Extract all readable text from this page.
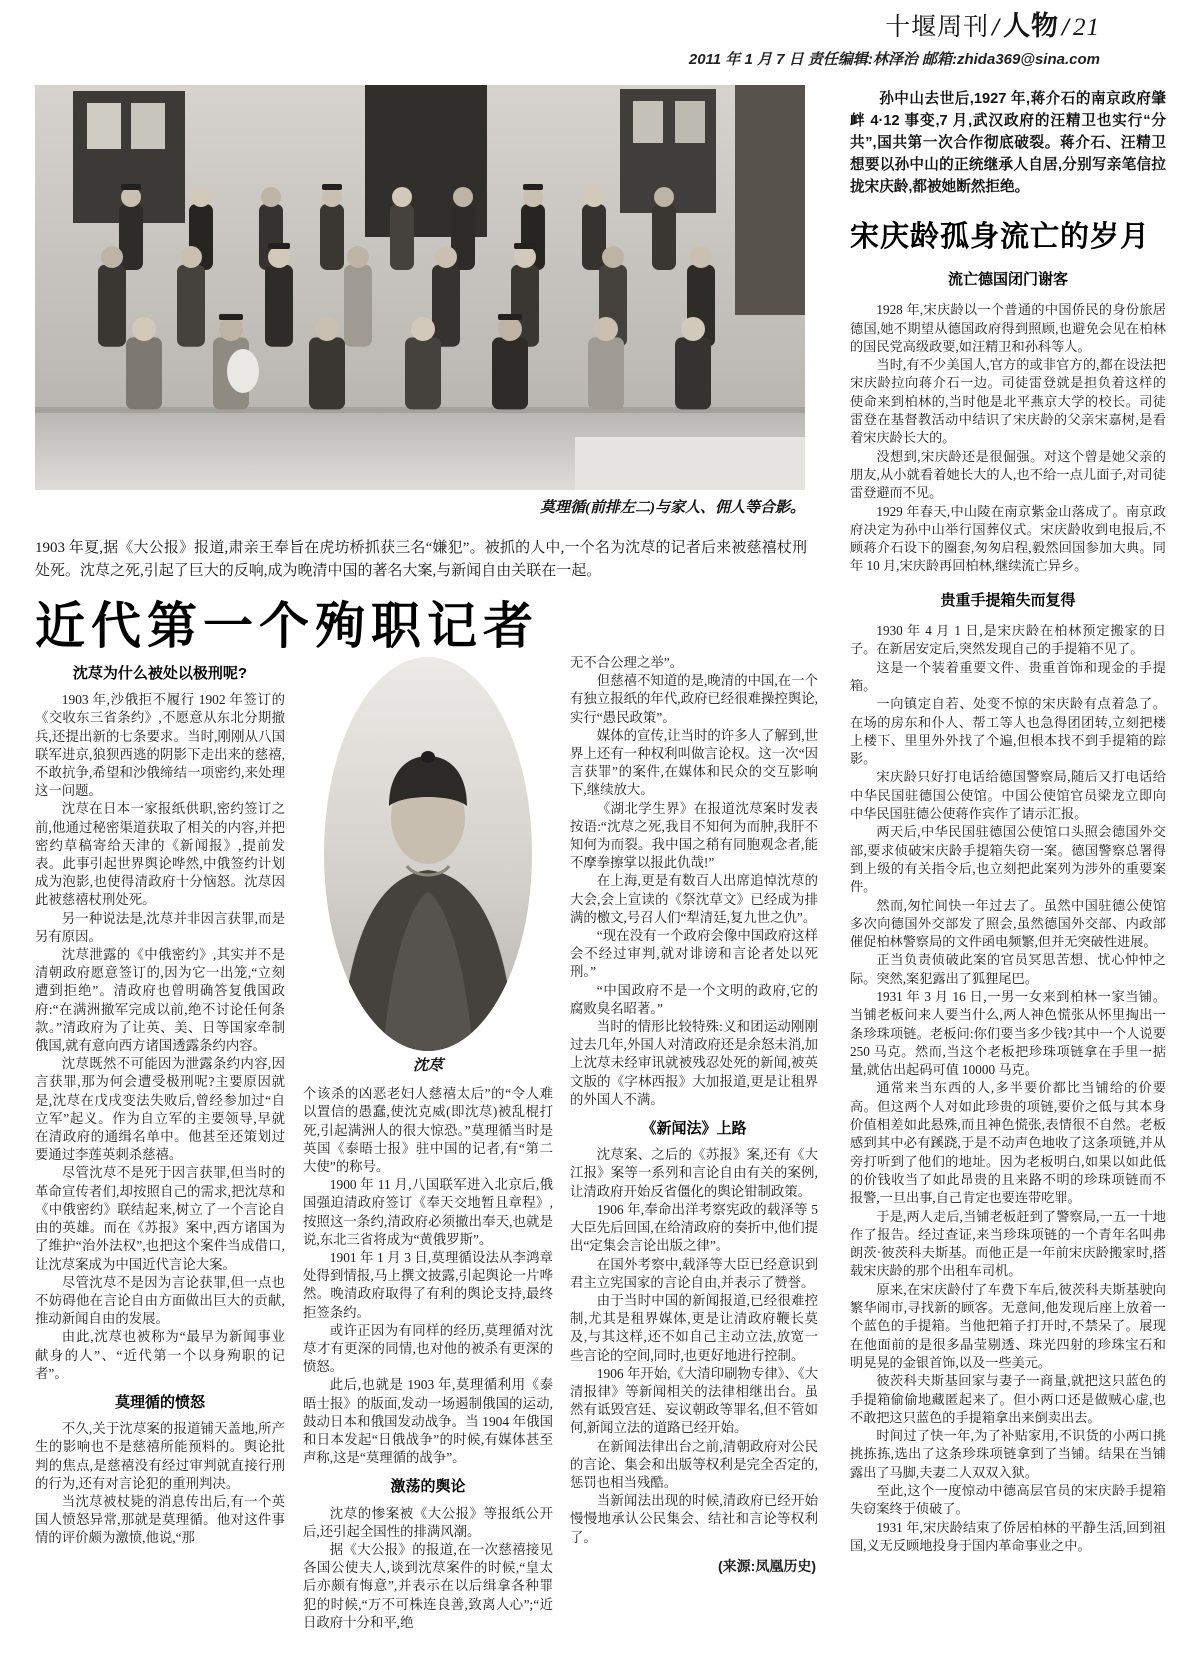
十堰周刊 / 人物 / 21
2011 年 1 月 7 日 责任编辑:林泽治 邮箱:zhida369@sina.com
莫理循(前排左二)与家人、佣人等合影。

1903 年夏,据《大公报》报道,肃亲王奉旨在虎坊桥抓获三名“嫌犯”。被抓的人中,一个名为沈荩的记者后来被慈禧杖刑处死。沈荩之死,引起了巨大的反响,成为晚清中国的著名大案,与新闻自由关联在一起。

近代第一个殉职记者
沈荩为什么被处以极刑呢?

1903 年,沙俄拒不履行 1902 年签订的《交收东三省条约》,不愿意从东北分期撤兵,还提出新的七条要求。当时,刚刚从八国联军进京,狼狈西逃的阴影下走出来的慈禧,不敢抗争,希望和沙俄缔结一项密约,来处理这一问题。

沈荩在日本一家报纸供职,密约签订之前,他通过秘密渠道获取了相关的内容,并把密约草稿寄给天津的《新闻报》,提前发表。此事引起世界舆论哗然,中俄签约计划成为泡影,也使得清政府十分恼怒。沈荩因此被慈禧杖刑处死。

另一种说法是,沈荩并非因言获罪,而是另有原因。

沈荩泄露的《中俄密约》,其实并不是清朝政府愿意签订的,因为它一出笼,“立刻遭到拒绝”。清政府也曾明确答复俄国政府:“在满洲撤军完成以前,绝不讨论任何条款。”清政府为了让英、美、日等国家牵制俄国,就有意向西方诸国透露条约内容。

沈荩既然不可能因为泄露条约内容,因言获罪,那为何会遭受极刑呢?主要原因就是,沈荩在戊戌变法失败后,曾经参加过“自立军”起义。作为自立军的主要领导,早就在清政府的通缉名单中。他甚至还策划过要通过李莲英刺杀慈禧。

尽管沈荩不是死于因言获罪,但当时的革命宣传者们,却按照自己的需求,把沈荩和《中俄密约》联结起来,树立了一个言论自由的英雄。而在《苏报》案中,西方诸国为了维护“治外法权”,也把这个案件当成借口,让沈荩案成为中国近代言论大案。

尽管沈荩不是因为言论获罪,但一点也不妨碍他在言论自由方面做出巨大的贡献,推动新闻自由的发展。

由此,沈荩也被称为“最早为新闻事业献身的人”、“近代第一个以身殉职的记者”。

莫理循的愤怒

不久,关于沈荩案的报道铺天盖地,所产生的影响也不是慈禧所能预料的。舆论批判的焦点,是慈禧没有经过审判就直接行刑的行为,还有对言论犯的重刑判决。

当沈荩被杖毙的消息传出后,有一个英国人愤怒异常,那就是莫理循。他对这件事情的评价颇为激愤,他说,“那

沈荩

个该杀的凶恶老妇人慈禧太后”的“令人难以置信的愚蠢,使沈克威(即沈荩)被乱棍打死,引起满洲人的很大惊恐。”莫理循当时是英国《泰晤士报》驻中国的记者,有“第二大使”的称号。

1900 年 11 月,八国联军进入北京后,俄国强迫清政府签订《奉天交地暂且章程》,按照这一条约,清政府必须撤出奉天,也就是说,东北三省将成为“黄俄罗斯”。

1901 年 1 月 3 日,莫理循设法从李鸿章处得到情报,马上撰文披露,引起舆论一片哗然。晚清政府取得了有利的舆论支持,最终拒签条约。

或许正因为有同样的经历,莫理循对沈荩才有更深的同情,也对他的被杀有更深的愤怒。

此后,也就是 1903 年,莫理循利用《泰晤士报》的版面,发动一场遏制俄国的运动,鼓动日本和俄国发动战争。当 1904 年俄国和日本发起“日俄战争”的时候,有媒体甚至声称,这是“莫理循的战争”。

激荡的舆论

沈荩的惨案被《大公报》等报纸公开后,还引起全国性的排满风潮。

据《大公报》的报道,在一次慈禧接见各国公使夫人,谈到沈荩案件的时候,“皇太后亦颇有悔意”,并表示在以后缉拿各种罪犯的时候,“万不可株连良善,致离人心”;“近日政府十分和平,绝

无不合公理之举”。

但慈禧不知道的是,晚清的中国,在一个有独立报纸的年代,政府已经很难操控舆论,实行“愚民政策”。

媒体的宣传,让当时的许多人了解到,世界上还有一种权利叫做言论权。这一次“因言获罪”的案件,在媒体和民众的交互影响下,继续放大。

《湖北学生界》在报道沈荩案时发表按语:“沈荩之死,我目不知何为而肿,我肝不知何为而裂。我中国之稍有同胞观念者,能不摩拳擦掌以报此仇哉!”

在上海,更是有数百人出席追悼沈荩的大会,会上宣读的《祭沈草文》已经成为排满的檄文,号召人们“犁清廷,复九世之仇”。

“现在没有一个政府会像中国政府这样会不经过审判,就对诽谤和言论者处以死刑。”

“中国政府不是一个文明的政府,它的腐败臭名昭著。”

当时的情形比较特殊:义和团运动刚刚过去几年,外国人对清政府还是余怒未消,加上沈荩未经审讯就被残忍处死的新闻,被英文版的《字林西报》大加报道,更是让租界的外国人不满。

《新闻法》上路

沈荩案、之后的《苏报》案,还有《大江报》案等一系列和言论自由有关的案例,让清政府开始反省僵化的舆论钳制政策。

1906 年,奉命出洋考察宪政的载泽等 5 大臣先后回国,在给清政府的奏折中,他们提出“定集会言论出版之律”。

在国外考察中,载泽等大臣已经意识到君主立宪国家的言论自由,并表示了赞誉。

由于当时中国的新闻报道,已经很难控制,尤其是租界媒体,更是让清政府鞭长莫及,与其这样,还不如自己主动立法,放宽一些言论的空间,同时,也更好地进行控制。

1906 年开始,《大清印刷物专律》、《大清报律》等新闻相关的法律相继出台。虽然有诋毁宫廷、妄议朝政等罪名,但不管如何,新闻立法的道路已经开始。

在新闻法律出台之前,清朝政府对公民的言论、集会和出版等权利是完全否定的,惩罚也相当残酷。

当新闻法出现的时候,清政府已经开始慢慢地承认公民集会、结社和言论等权利了。

(来源:凤凰历史)

孙中山去世后,1927 年,蒋介石的南京政府肇衅 4·12 事变,7 月,武汉政府的汪精卫也实行“分共”,国共第一次合作彻底破裂。蒋介石、汪精卫想要以孙中山的正统继承人自居,分别写亲笔信拉拢宋庆龄,都被她断然拒绝。

宋庆龄孤身流亡的岁月
流亡德国闭门谢客

1928 年,宋庆龄以一个普通的中国侨民的身份旅居德国,她不期望从德国政府得到照顾,也避免会见在柏林的国民党高级政要,如汪精卫和孙科等人。

当时,有不少美国人,官方的或非官方的,都在设法把宋庆龄拉向蒋介石一边。司徒雷登就是担负着这样的使命来到柏林的,当时他是北平燕京大学的校长。司徒雷登在基督教活动中结识了宋庆龄的父亲宋嘉树,是看着宋庆龄长大的。

没想到,宋庆龄还是很倔强。对这个曾是她父亲的朋友,从小就看着她长大的人,也不给一点儿面子,对司徒雷登避而不见。

1929 年春天,中山陵在南京紫金山落成了。南京政府决定为孙中山举行国葬仪式。宋庆龄收到电报后,不顾蒋介石设下的圈套,匆匆启程,毅然回国参加大典。同年 10 月,宋庆龄再回柏林,继续流亡异乡。

贵重手提箱失而复得

1930 年 4 月 1 日,是宋庆龄在柏林预定搬家的日子。在新居安定后,突然发现自己的手提箱不见了。

这是一个装着重要文件、贵重首饰和现金的手提箱。

一向镇定自若、处变不惊的宋庆龄有点着急了。在场的房东和仆人、帮工等人也急得团团转,立刻把楼上楼下、里里外外找了个遍,但根本找不到手提箱的踪影。

宋庆龄只好打电话给德国警察局,随后又打电话给中华民国驻德国公使馆。中国公使馆官员梁龙立即向中华民国驻德公使蒋作宾作了请示汇报。

两天后,中华民国驻德国公使馆口头照会德国外交部,要求侦破宋庆龄手提箱失窃一案。德国警察总署得到上级的有关指令后,也立刻把此案列为涉外的重要案件。

然而,匆忙间快一年过去了。虽然中国驻德公使馆多次向德国外交部发了照会,虽然德国外交部、内政部催促柏林警察局的文件函电频繁,但并无突破性进展。

正当负责侦破此案的官员冥思苦想、忧心忡忡之际。突然,案犯露出了狐狸尾巴。

1931 年 3 月 16 日,一男一女来到柏林一家当铺。当铺老板问来人要当什么,两人神色慌张从怀里掏出一条珍珠项链。老板问:你们要当多少钱?其中一个人说要 250 马克。然而,当这个老板把珍珠项链拿在手里一掂量,就估出起码可值 10000 马克。

通常来当东西的人,多半要价都比当铺给的价要高。但这两个人对如此珍贵的项链,要价之低与其本身价值相差如此悬殊,而且神色慌张,表情很不自然。老板感到其中必有蹊跷,于是不动声色地收了这条项链,并从旁打听到了他们的地址。因为老板明白,如果以如此低的价钱收当了如此昂贵的且来路不明的珍珠项链而不报警,一旦出事,自己肯定也要连带吃罪。

于是,两人走后,当铺老板赶到了警察局,一五一十地作了报告。经过查证,来当珍珠项链的一个青年名叫弗朗茨·彼茨科夫斯基。而他正是一年前宋庆龄搬家时,搭载宋庆龄的那个出租车司机。

原来,在宋庆龄付了车费下车后,彼茨科夫斯基驶向繁华闹市,寻找新的顾客。无意间,他发现后座上放着一个蓝色的手提箱。当他把箱子打开时,不禁呆了。展现在他面前的是很多晶莹剔透、珠光四射的珍珠宝石和明晃晃的金银首饰,以及一些美元。

彼茨科夫斯基回家与妻子一商量,就把这只蓝色的手提箱偷偷地藏匿起来了。但小两口还是做贼心虚,也不敢把这只蓝色的手提箱拿出来倒卖出去。

时间过了快一年,为了补贴家用,不识货的小两口挑挑拣拣,选出了这条珍珠项链拿到了当铺。结果在当铺露出了马脚,夫妻二人双双入狱。

至此,这个一度惊动中德高层官员的宋庆龄手提箱失窃案终于侦破了。

1931 年,宋庆龄结束了侨居柏林的平静生活,回到祖国,义无反顾地投身于国内革命事业之中。
